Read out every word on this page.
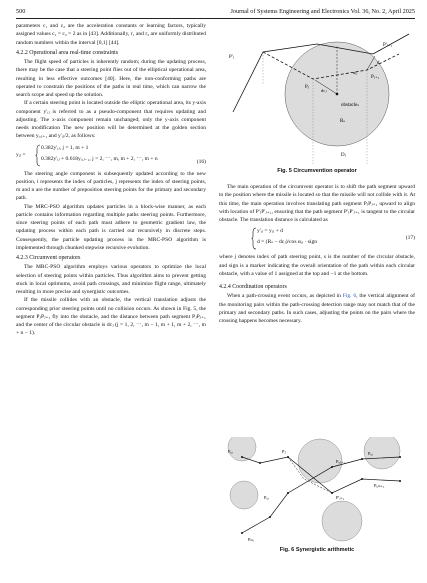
500	Journal of Systems Engineering and Electronics Vol. 36, No. 2, April 2025

parameters c₁ and c₂ are the acceleration constants or learning factors, typically assigned values c₁ = c₂ = 2 as in [43]. Additionally, r₁ and r₂ are uniformly distributed random numbers within the interval [0,1] [44].

4.2.2 Operational area real-time constraints

The flight speed of particles is inherently random; during the updating process, there may be the case that a steering point flies out of the elliptical operational area, resulting in less effective outcomes [40]. Here, the non-conforming paths are operated to constrain the positions of the paths in real time, which can narrow the search scope and speed up the solution.

If a certain steering point is located outside the elliptic operational area, its y-axis component y'ᵢⱼ is referred to as a pseudo-component that requires updating and adjusting. The x-axis component remain unchanged; only the y-axis component needs modification The new position will be determined at the golden section between yᵢ,ⱼ₊₁ and y'ᵢⱼ/2, as follows:

yᵢⱼ =
0.382y'ᵢⱼ, j = 1, m + 1
0.382y'ᵢⱼ + 0.618yᵢ,ⱼ₋₁, j = 2, ⋯, m, m + 2, ⋯, m + n	(16)

The steering angle component is subsequently updated according to the new position, i represents the index of particles, j represents the index of steering points, m and n are the number of preposition steering points for the primary and secondary path.

The MRC-PSO algorithm updates particles in a block-wise manner, as each particle contains information regarding multiple paths steering points. Furthermore, since steering points of each path must adhere to geometric gradient law, the updating process within each path is carried out recursively in discrete steps. Consequently, the particle updating process in the MRC-PSO algorithm is implemented through chunked stepwise recursive evolution.

4.2.3 Circumvent operators

The MRC-PSO algorithm employs various operators to optimize the local selection of steering points within particles. Thus algorithm aims to prevent getting stuck in local optimums, avoid path crossings, and minimize flight range, ultimately resulting in more precise and synergistic outcomes.

If the missile collides with an obstacle, the vertical translation adjusts the corresponding prior steering points until no collision occurs. As shown in Fig. 5, the segment PⱼPⱼ₊₁ fly into the obstacle, and the distance between path segment PⱼPⱼ₊₁ and the center of the circular obstacle is dcⱼ (j = 1, 2, ⋯, m − 1, m + 1, m + 2, ⋯, m + n − 1).

P'ⱼ
P'ⱼ₊₁
Pⱼ
Pⱼ₊₁
obstacleₛ
d
dcⱼ
Rₛ
Dⱼ
αᵢⱼ
Fig. 5 Circumvention operator

The main operation of the circumvent operator is to shift the path segment upward to the position where the missile is located so that the missile will not collide with it. At this time, the main operation involves translating path segment PⱼPⱼ₊₁ upward to align with location of P'ⱼP'ⱼ₊₁, ensuring that the path segment P'ⱼP'ⱼ₊₁ is tangent to the circular obstacle. The translation distance is calculated as

y'ᵢⱼ = yᵢⱼ + d
d = (Rₛ − dcⱼ)/cos αᵢⱼ · sign
(17)

where j denotes index of path steering point, s is the number of the circular obstacle, and sign is a marker indicating the overall orientation of the path within each circular obstacle, with a value of 1 assigned at the top and −1 at the bottom.

4.2.4 Coordination operators

When a path-crossing event occurs, as depicted in Fig. 6, the vertical alignment of the monitoring pairs within the path-crossing detection range may not match that of the primary and secondary paths. In such cases, adjusting the points on the pairs where the crossing happens becomes necessary.

Pᵤᵢ	Pⱼ
Pᵤⱼ₊₁
Pᵤᵢ
P'ⱼ₊₁
Pᵤᵢ
Pᵤₘ₊₁
Pₘᵢ
Fig. 6 Synergistic arithmetic
